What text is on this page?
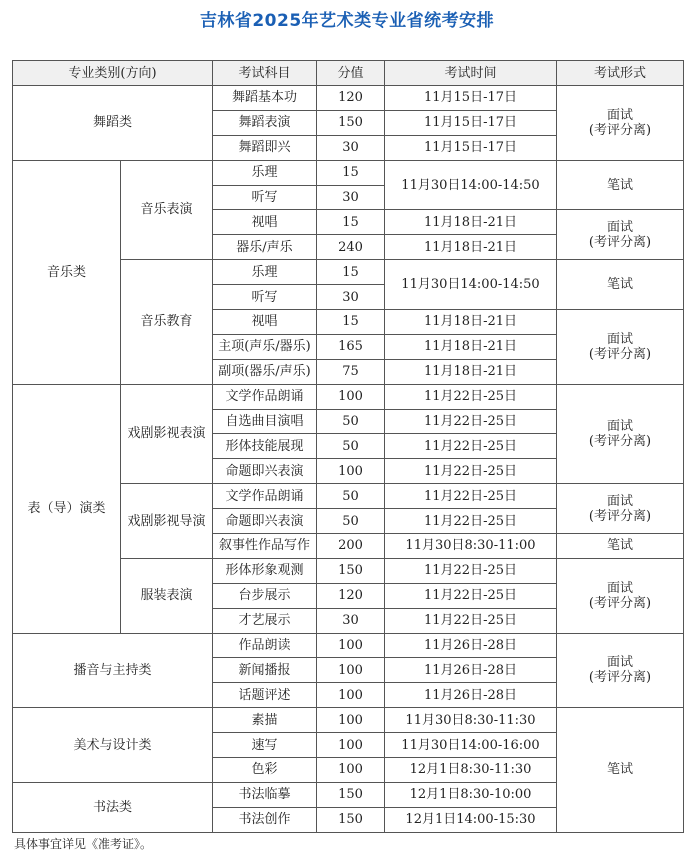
吉林省2025年艺术类专业省统考安排
专业类别(方向)		考试科目	分值	考试时间	考试形式
舞蹈类		舞蹈基本功	120	11月15日-17日	面试
(考评分离)
		舞蹈表演	150	11月15日-17日	
		舞蹈即兴	30	11月15日-17日	
音乐类	音乐表演	乐理	15	11月30日14:00-14:50	笔试
		听写	30		
		视唱	15	11月18日-21日	面试
(考评分离)
		器乐/声乐	240	11月18日-21日	
	音乐教育	乐理	15	11月30日14:00-14:50	笔试
		听写	30		
		视唱	15	11月18日-21日	面试
(考评分离)
		主项(声乐/器乐)	165	11月18日-21日	
		副项(器乐/声乐)	75	11月18日-21日	
表（导）演类	戏剧影视表演	文学作品朗诵	100	11月22日-25日	面试
(考评分离)
		自选曲目演唱	50	11月22日-25日	
		形体技能展现	50	11月22日-25日	
		命题即兴表演	100	11月22日-25日	
	戏剧影视导演	文学作品朗诵	50	11月22日-25日	面试
(考评分离)
		命题即兴表演	50	11月22日-25日	
		叙事性作品写作	200	11月30日8:30-11:00	笔试
	服装表演	形体形象观测	150	11月22日-25日	面试
(考评分离)
		台步展示	120	11月22日-25日	
		才艺展示	30	11月22日-25日	
播音与主持类		作品朗读	100	11月26日-28日	面试
(考评分离)
		新闻播报	100	11月26日-28日	
		话题评述	100	11月26日-28日	
美术与设计类		素描	100	11月30日8:30-11:30	笔试
		速写	100	11月30日14:00-16:00	
		色彩	100	12月1日8:30-11:30	
书法类		书法临摹	150	12月1日8:30-10:00	
		书法创作	150	12月1日14:00-15:30	
具体事宜详见《准考证》。
